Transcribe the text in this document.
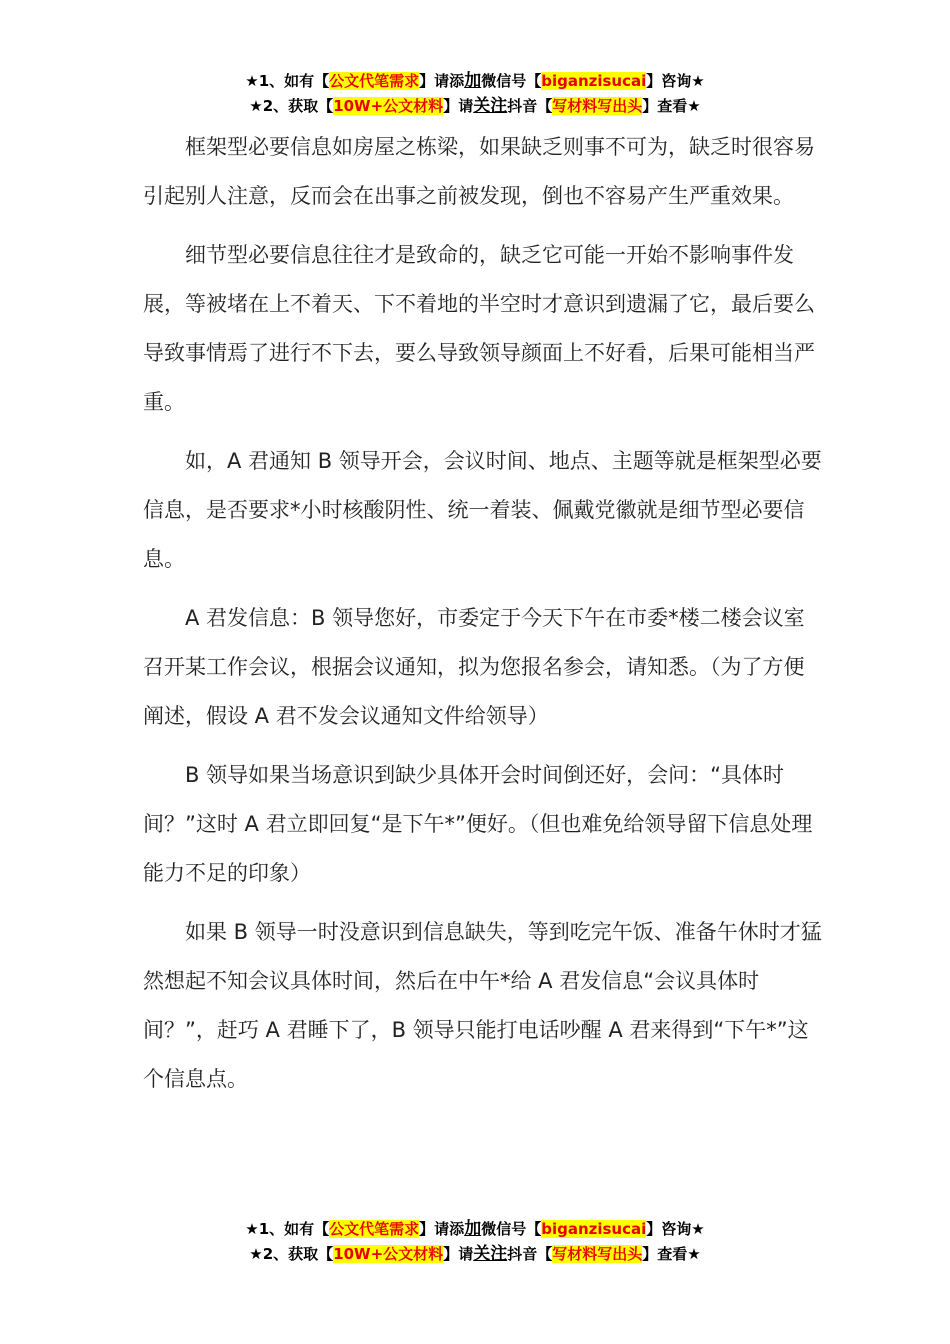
★1、如有【公文代笔需求】请添加微信号【biganzisucai】咨询★
★2、获取【10W+公文材料】请关注抖音【写材料写出头】查看★

框架型必要信息如房屋之栋梁，如果缺乏则事不可为，缺乏时很容易引起别人注意，反而会在出事之前被发现，倒也不容易产生严重效果。

细节型必要信息往往才是致命的，缺乏它可能一开始不影响事件发展，等被堵在上不着天、下不着地的半空时才意识到遗漏了它，最后要么导致事情焉了进行不下去，要么导致领导颜面上不好看，后果可能相当严重。

如，A 君通知 B 领导开会，会议时间、地点、主题等就是框架型必要信息，是否要求*小时核酸阴性、统一着装、佩戴党徽就是细节型必要信息。

A 君发信息：B 领导您好，市委定于今天下午在市委*楼二楼会议室召开某工作会议，根据会议通知，拟为您报名参会，请知悉。（为了方便阐述，假设 A 君不发会议通知文件给领导）

B 领导如果当场意识到缺少具体开会时间倒还好，会问：“具体时间？”这时 A 君立即回复“是下午*”便好。（但也难免给领导留下信息处理能力不足的印象）

如果 B 领导一时没意识到信息缺失，等到吃完午饭、准备午休时才猛然想起不知会议具体时间，然后在中午*给 A 君发信息“会议具体时间？”，赶巧 A 君睡下了，B 领导只能打电话吵醒 A 君来得到“下午*”这个信息点。

★1、如有【公文代笔需求】请添加微信号【biganzisucai】咨询★
★2、获取【10W+公文材料】请关注抖音【写材料写出头】查看★
